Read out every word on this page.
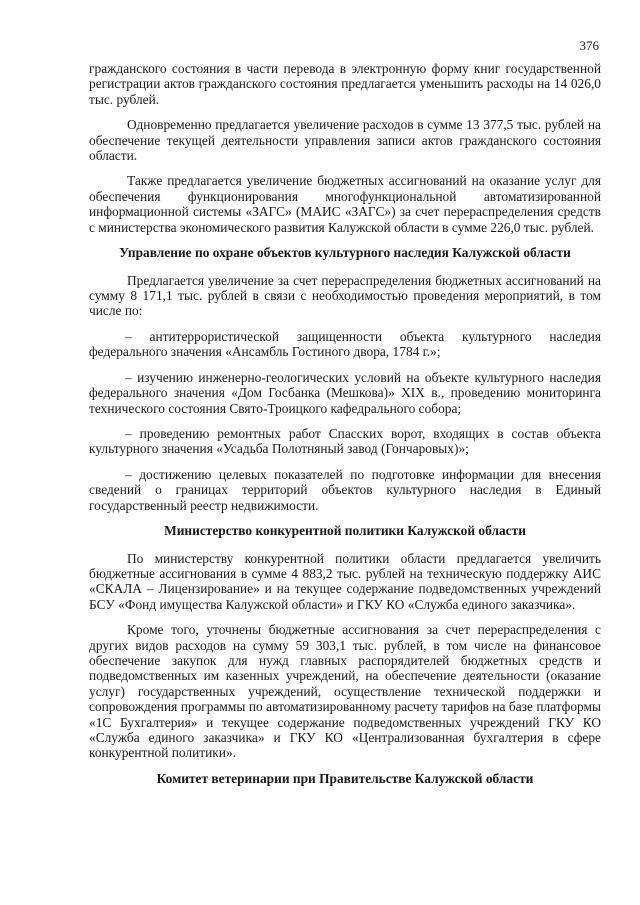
376

гражданского состояния в части перевода в электронную форму книг государственной регистрации актов гражданского состояния предлагается уменьшить расходы на 14 026,0 тыс. рублей.

Одновременно предлагается увеличение расходов в сумме 13 377,5 тыс. рублей на обеспечение текущей деятельности управления записи актов гражданского состояния области.

Также предлагается увеличение бюджетных ассигнований на оказание услуг для обеспечения функционирования многофункциональной автоматизированной информационной системы «ЗАГС» (МАИС «ЗАГС») за счет перераспределения средств с министерства экономического развития Калужской области в сумме 226,0 тыс. рублей.

Управление по охране объектов культурного наследия Калужской области

Предлагается увеличение за счет перераспределения бюджетных ассигнований на сумму 8 171,1 тыс. рублей в связи с необходимостью проведения мероприятий, в том числе по:

– антитеррористической защищенности объекта культурного наследия федерального значения «Ансамбль Гостиного двора, 1784 г.»;

– изучению инженерно-геологических условий на объекте культурного наследия федерального значения «Дом Госбанка (Мешкова)» XIX в., проведению мониторинга технического состояния Свято-Троицкого кафедрального собора;

– проведению ремонтных работ Спасских ворот, входящих в состав объекта культурного значения «Усадьба Полотняный завод (Гончаровых)»;

– достижению целевых показателей по подготовке информации для внесения сведений о границах территорий объектов культурного наследия в Единый государственный реестр недвижимости.

Министерство конкурентной политики Калужской области

По министерству конкурентной политики области предлагается увеличить бюджетные ассигнования в сумме 4 883,2 тыс. рублей на техническую поддержку АИС «СКАЛА – Лицензирование» и на текущее содержание подведомственных учреждений БСУ «Фонд имущества Калужской области» и ГКУ КО «Служба единого заказчика».

Кроме того, уточнены бюджетные ассигнования за счет перераспределения с других видов расходов на сумму 59 303,1 тыс. рублей, в том числе на финансовое обеспечение закупок для нужд главных распорядителей бюджетных средств и подведомственных им казенных учреждений, на обеспечение деятельности (оказание услуг) государственных учреждений, осуществление технической поддержки и сопровождения программы по автоматизированному расчету тарифов на базе платформы «1С Бухгалтерия» и текущее содержание подведомственных учреждений ГКУ КО «Служба единого заказчика» и ГКУ КО «Централизованная бухгалтерия в сфере конкурентной политики».

Комитет ветеринарии при Правительстве Калужской области
